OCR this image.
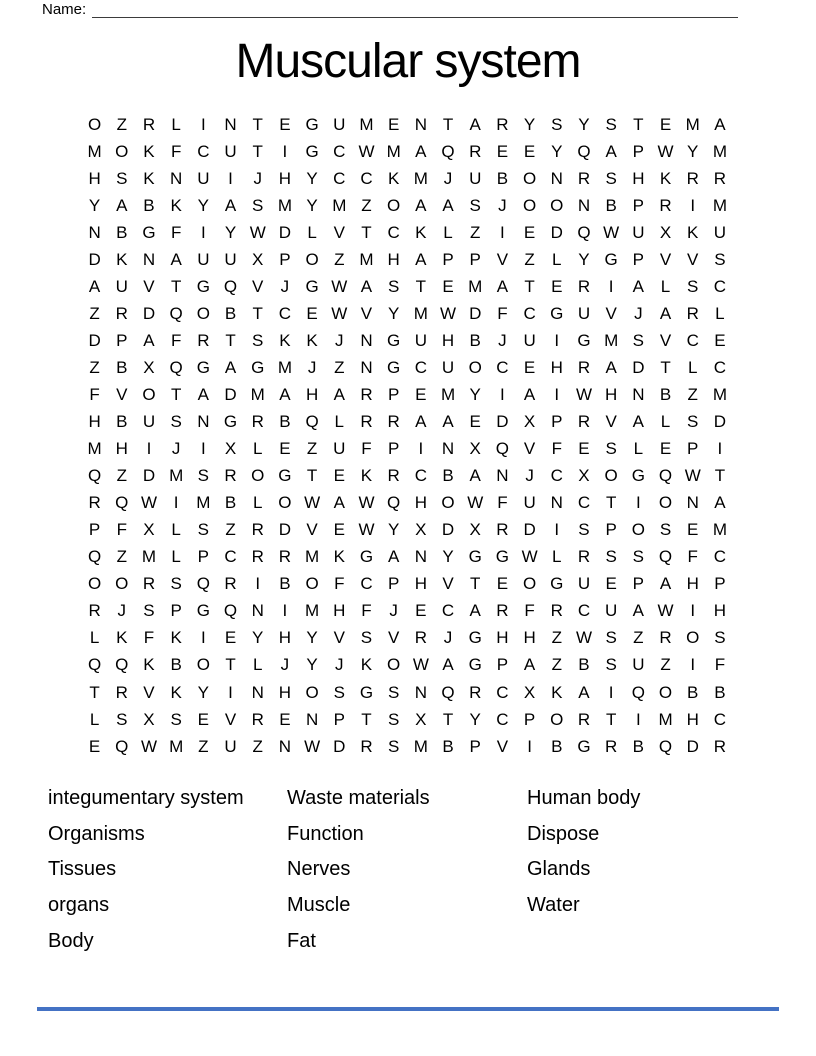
Name:
Muscular system
O Z R L	I	N T E G U M E N T A R Y S Y S T E M A
M O K F C U T	I	G C W M A Q R E E Y Q A P W Y M
H S K N U	I	J H Y C C K M J U B O N R S H K R R
Y A B K Y A S M Y M Z O A A S	J O O N B P R	I	M
N B G F	I	Y W D L V T C K L	Z	I	E D Q W U X K U
D K N A U U X P O Z M H A P P V Z	L Y G P V V S
A U V T G Q V	J G W A S T E M A T E R	I	A L S C
Z R D Q O B T C E W V Y M W D F C G U V	J	A R L
D P A F R T S K K	J N G U H B	J U	I	G M S V C E
Z B X Q G A G M J	Z N G C U O C E H R A D T	L C
F V O T A D M A H A R P E M Y	I	A	I W H N B Z M
H B U S N G R B Q L R R A A E D X P R V A L S D
M H	I	J	I	X L E Z U F P	I	N X Q V F E S L E P	I
Q Z D M S R O G T E K R C B A N J C X O G Q W T
R Q W I	M B L O W A W Q H O W F U N C T	I	O N A
P F X L S Z R D V E W Y X D X R D	I	S P O S E M
Q Z M L P C R R M K G A N Y G G W L R S S Q F C
O O R S Q R	I	B O F C P H V T E O G U E P A H P
R J	S P G Q N	I	M H F	J	E C A R F R C U A W I	H
L K F K	I	E Y H Y V S V R J G H H Z W S Z R O S
Q Q K B O T	L	J	Y	J	K O W A G P A Z B S U Z	I	F
T R V K Y	I	N H O S G S N Q R C X K A	I	Q O B B
L S X S E V R E N P T S X T Y C P O R T	I	M H C
E Q W M Z U Z N W D R S M B P V	I	B G R B Q D R
integumentary system
Organisms
Tissues
organs
Body
Waste materials
Function
Nerves
Muscle
Fat
Human body
Dispose
Glands
Water
